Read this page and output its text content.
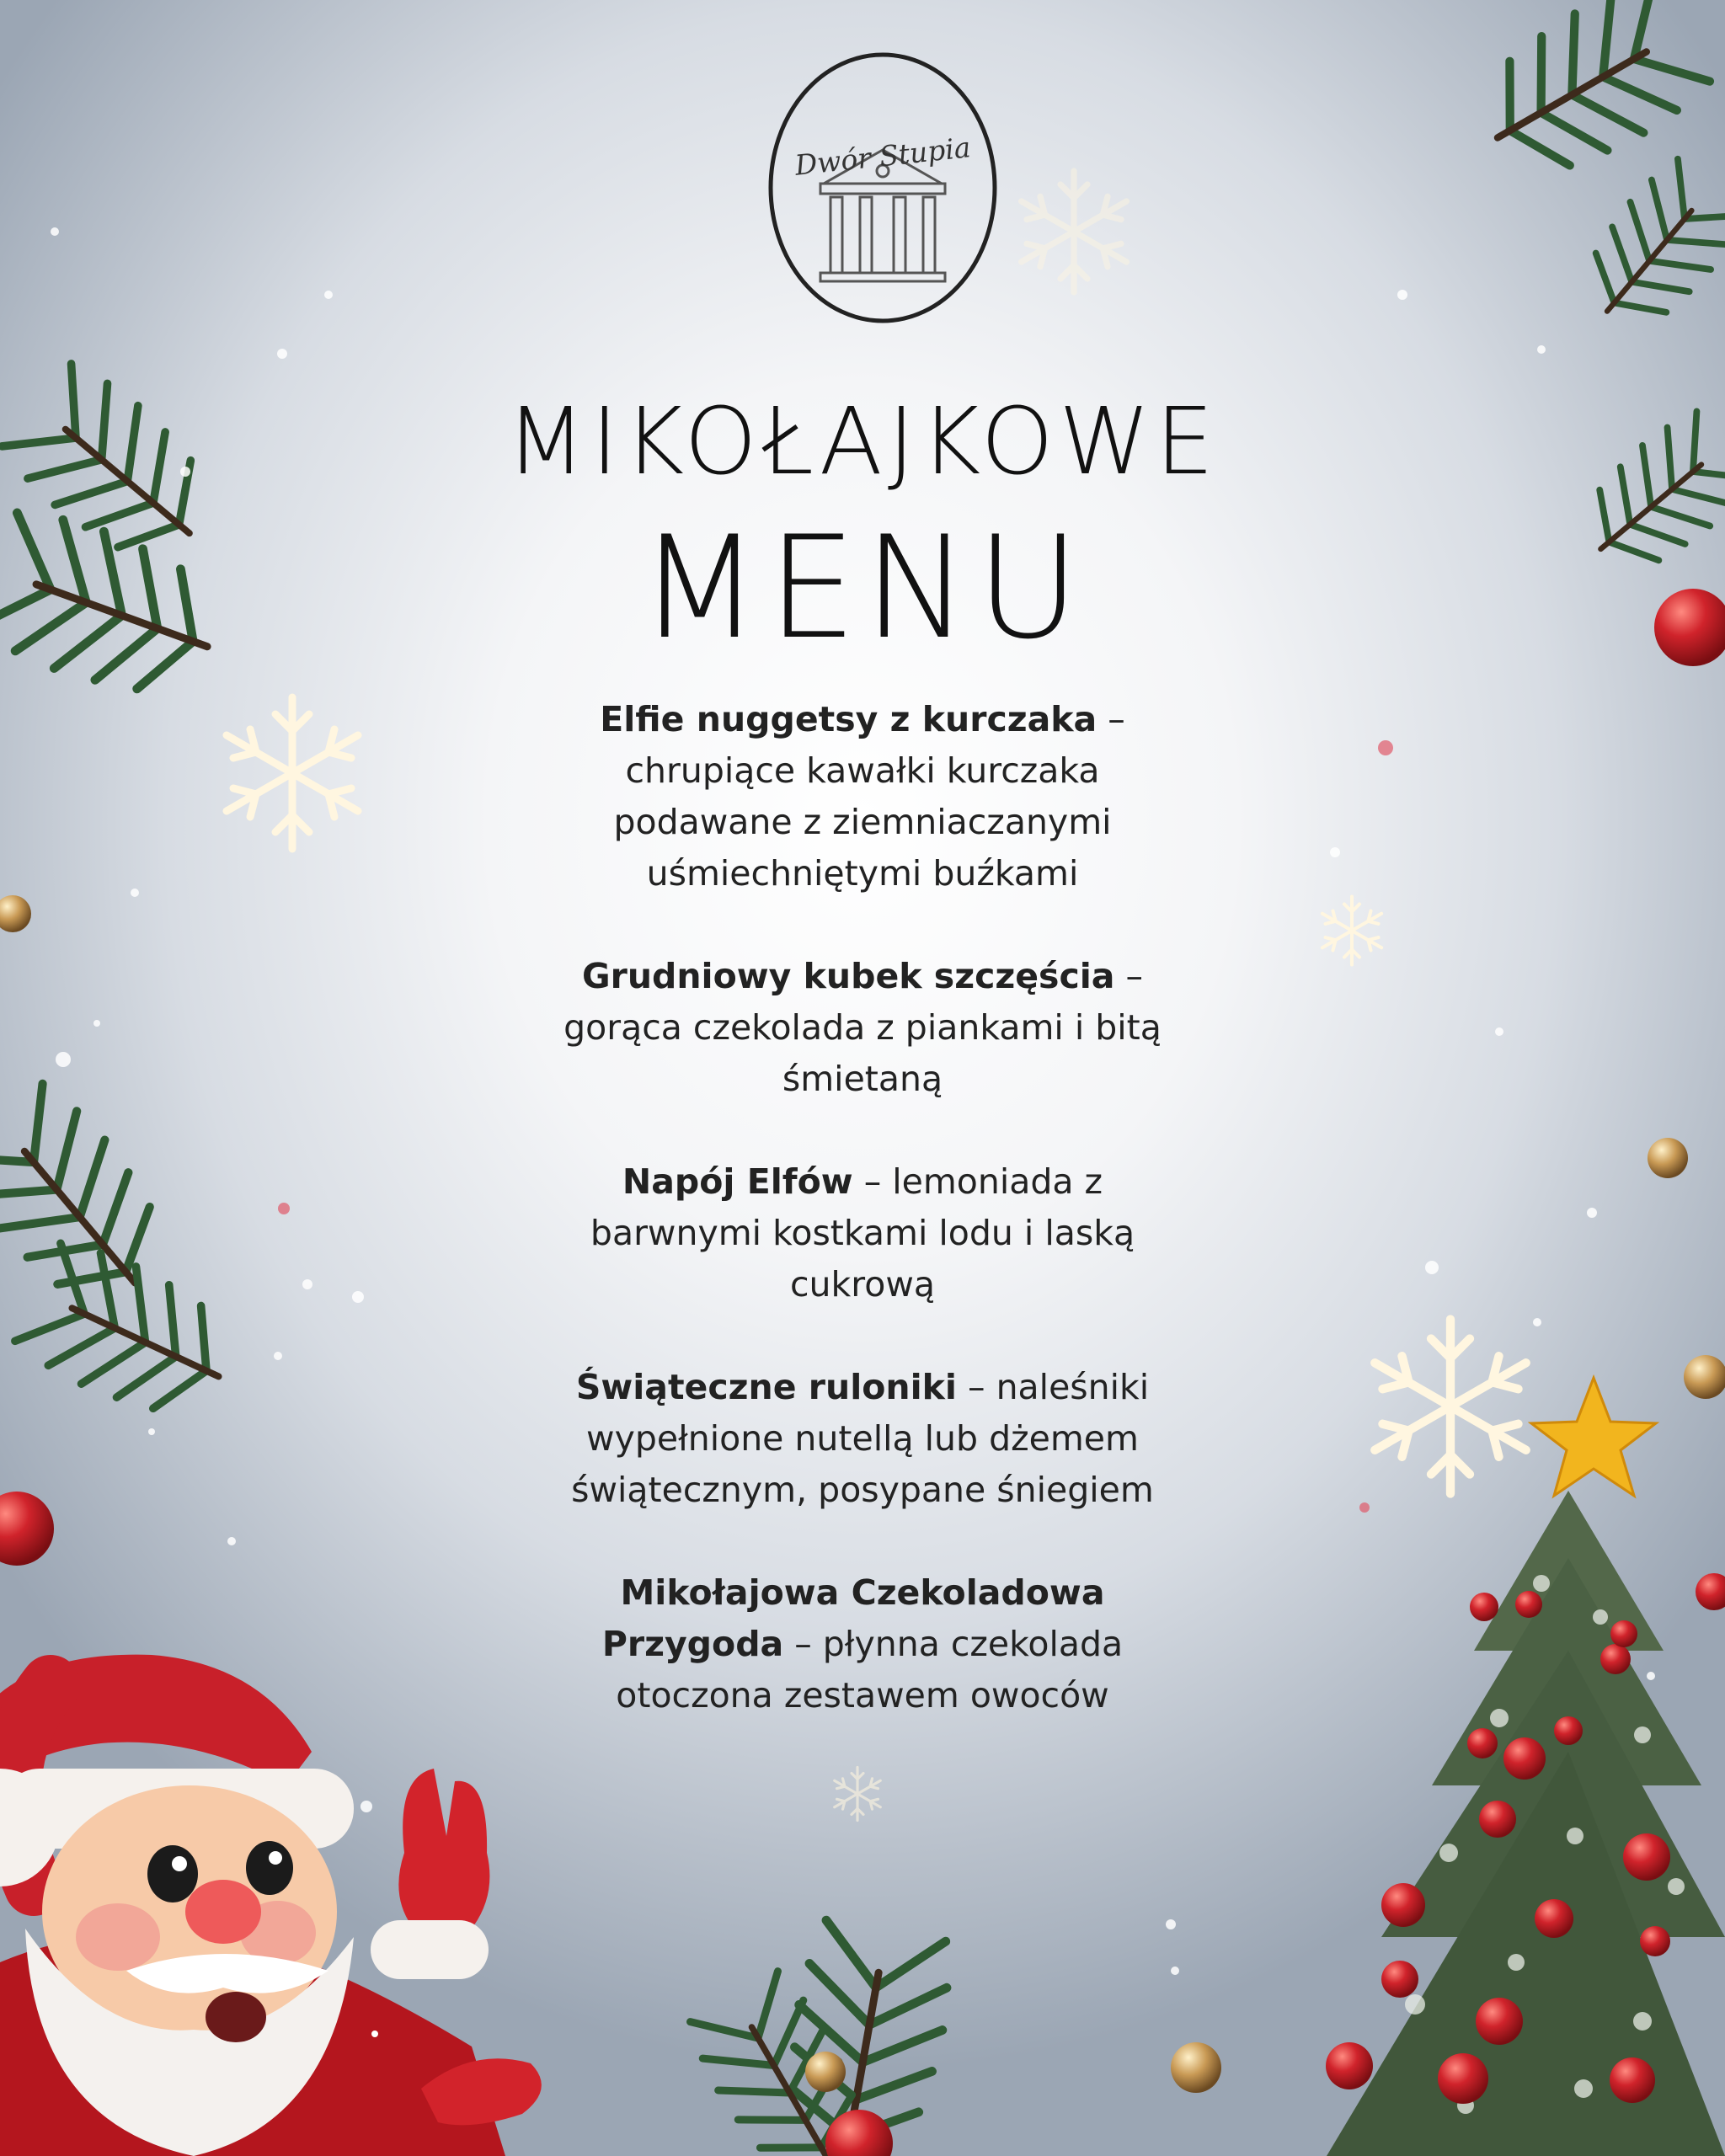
Dwór Stupia
MIKOŁAJKOWE
MENU
Elfie nuggetsy z kurczaka – chrupiące kawałki kurczaka podawane z ziemniaczanymi uśmiechniętymi buźkami
Grudniowy kubek szczęścia – gorąca czekolada z piankami i bitą śmietaną
Napój Elfów – lemoniada z barwnymi kostkami lodu i laską cukrową
Świąteczne ruloniki – naleśniki wypełnione nutellą lub dżemem świątecznym, posypane śniegiem
Mikołajowa Czekoladowa Przygoda – płynna czekolada otoczona zestawem owoców
